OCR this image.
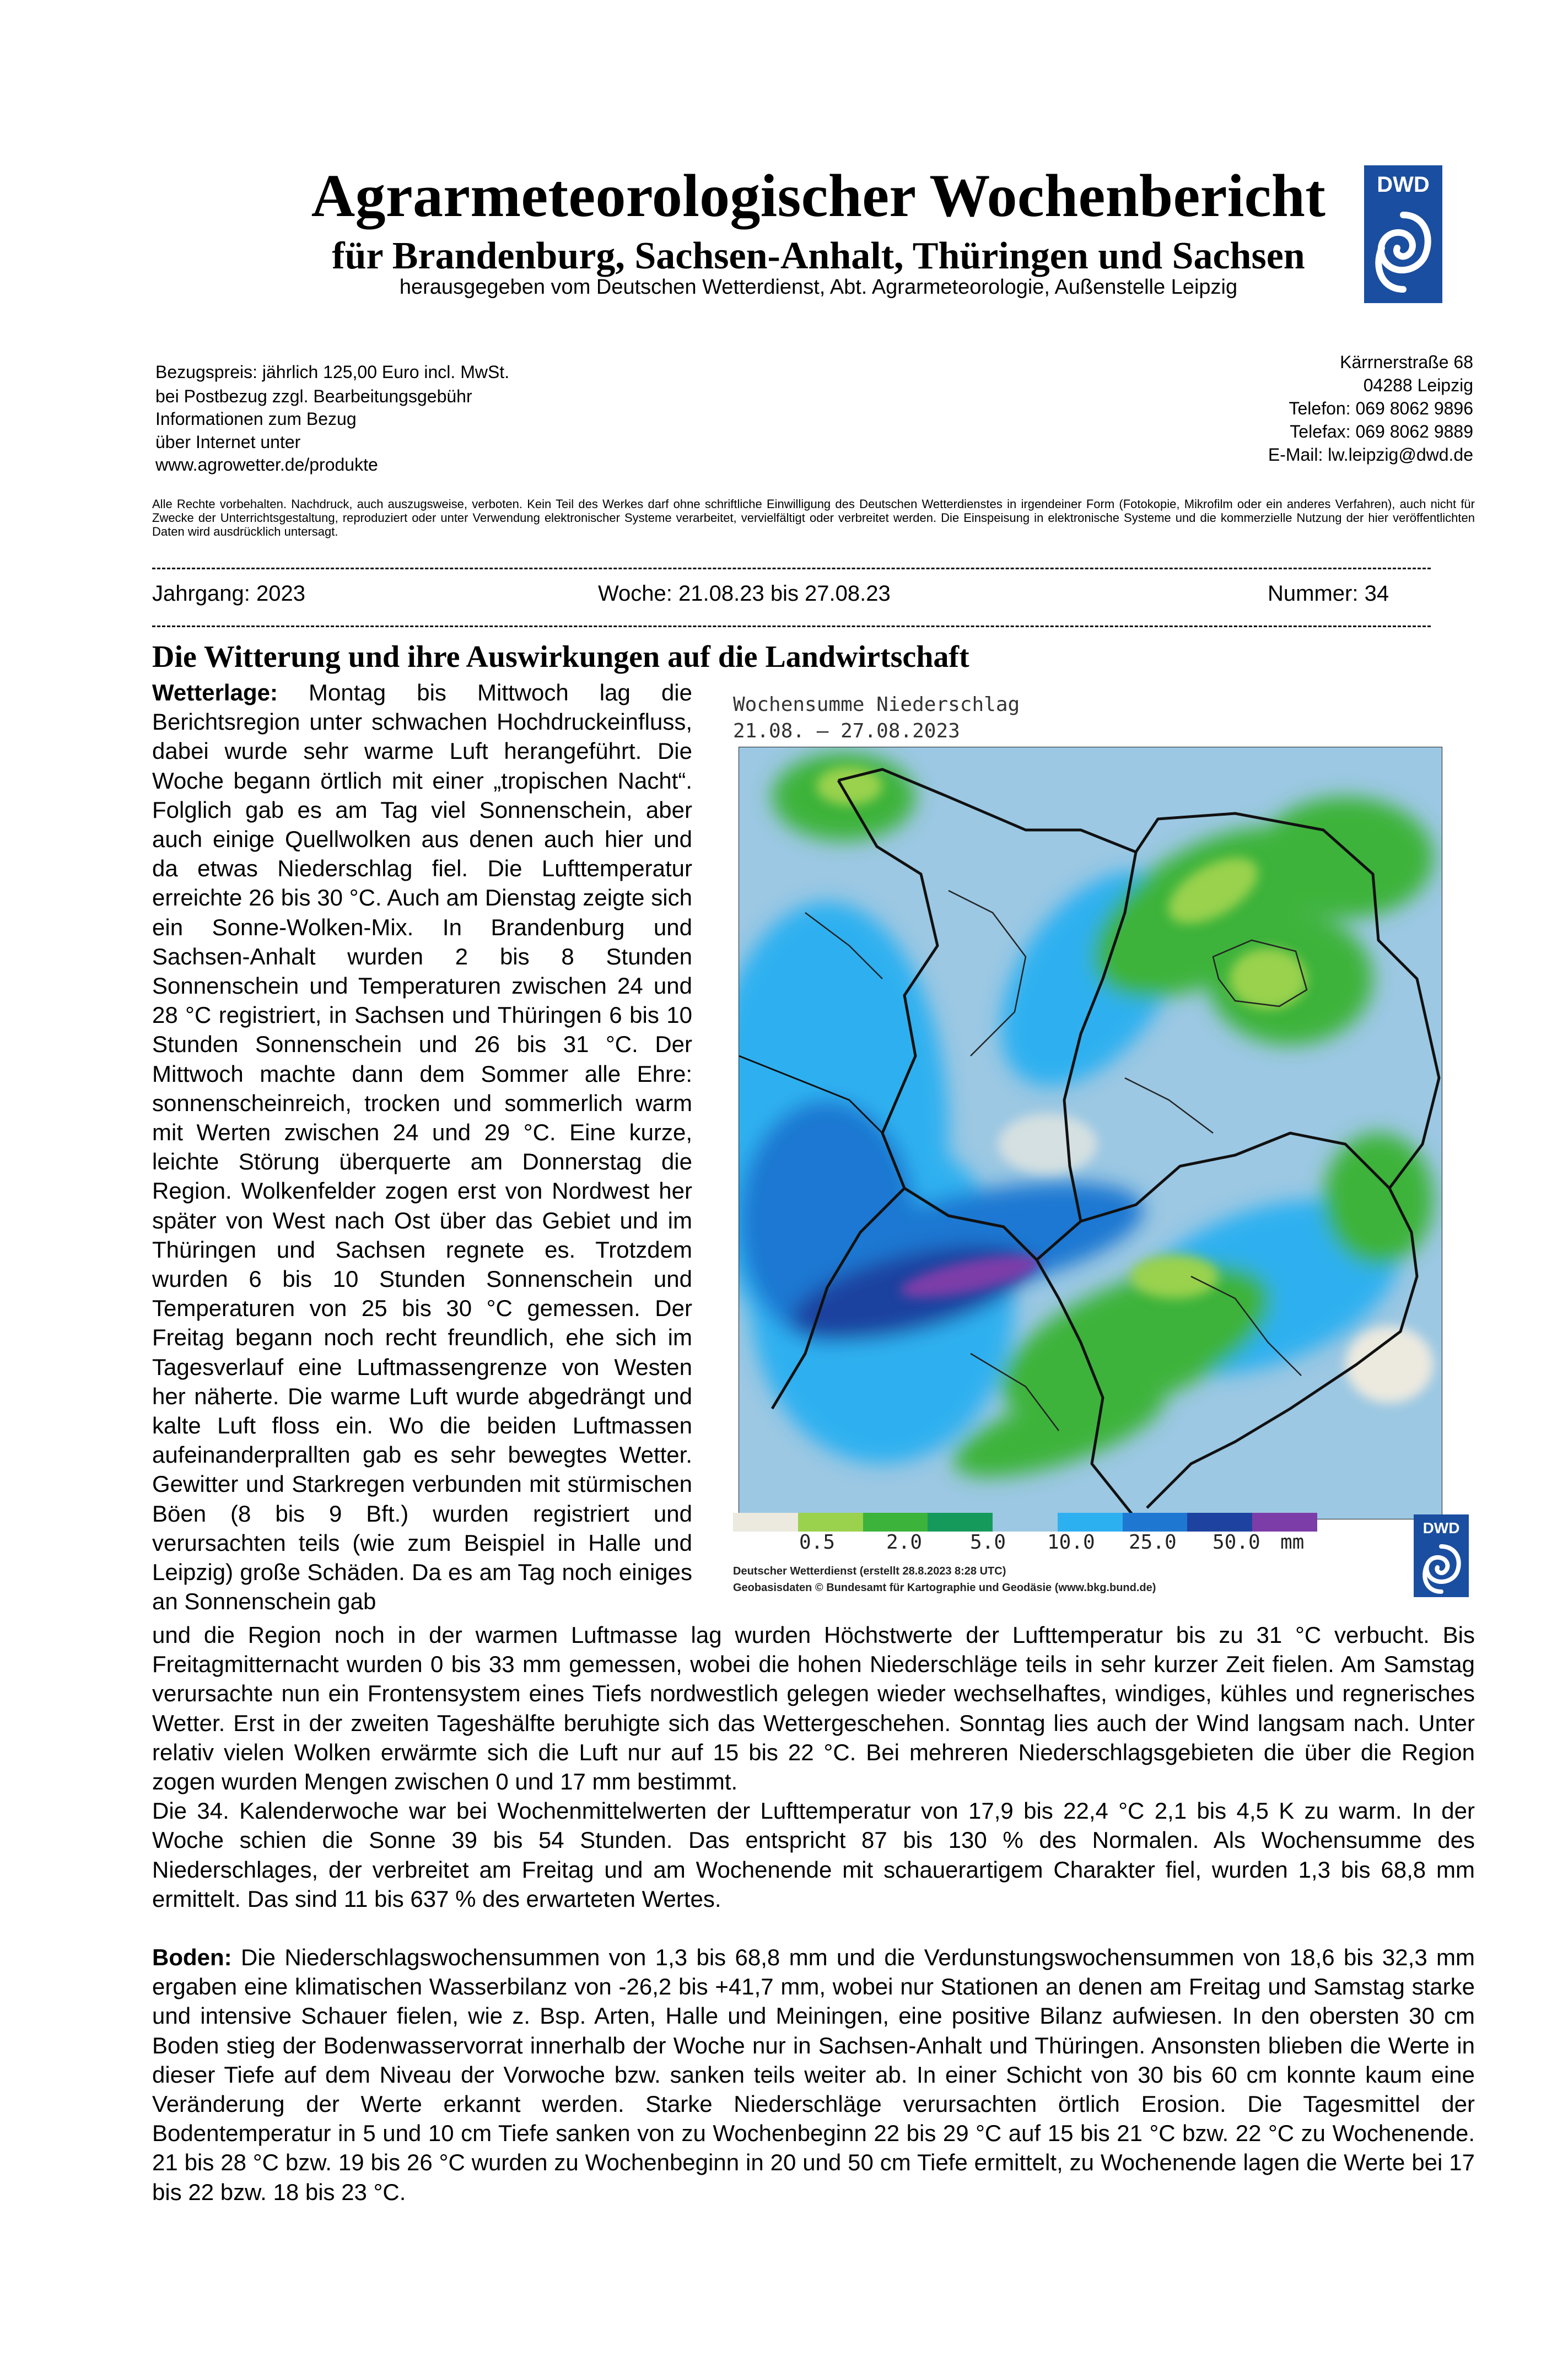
Agrarmeteorologischer Wochenbericht
für Brandenburg, Sachsen-Anhalt, Thüringen und Sachsen
herausgegeben vom Deutschen Wetterdienst, Abt. Agrarmeteorologie, Außenstelle Leipzig
DWD
Bezugspreis: jährlich 125,00 Euro incl. MwSt.
bei Postbezug zzgl. Bearbeitungsgebühr
Informationen zum Bezug
über Internet unter
www.agrowetter.de/produkte
Kärrnerstraße 68
04288 Leipzig
Telefon: 069 8062 9896
Telefax: 069 8062 9889
E-Mail: lw.leipzig@dwd.de
Alle Rechte vorbehalten. Nachdruck, auch auszugsweise, verboten. Kein Teil des Werkes darf ohne schriftliche Einwilligung des Deutschen Wetterdienstes in irgendeiner Form (Fotokopie, Mikrofilm oder ein anderes Verfahren), auch nicht für Zwecke der Unterrichtsgestaltung, reproduziert oder unter Verwendung elektronischer Systeme verarbeitet, vervielfältigt oder verbreitet werden. Die Einspeisung in elektronische Systeme und die kommerzielle Nutzung der hier veröffentlichten Daten wird ausdrücklich untersagt.
Jahrgang: 2023	Woche: 21.08.23 bis 27.08.23	Nummer: 34
Die Witterung und ihre Auswirkungen auf die Landwirtschaft

Wetterlage: Montag bis Mittwoch lag die Berichtsregion unter schwachen Hochdruckeinfluss, dabei wurde sehr warme Luft herangeführt. Die Woche begann örtlich mit einer „tropischen Nacht“. Folglich gab es am Tag viel Sonnenschein, aber auch einige Quellwolken aus denen auch hier und da etwas Niederschlag fiel. Die Lufttemperatur erreichte 26 bis 30 °C. Auch am Dienstag zeigte sich ein Sonne-Wolken-Mix. In Brandenburg und Sachsen-Anhalt wurden 2 bis 8 Stunden Sonnenschein und Temperaturen zwischen 24 und 28 °C registriert, in Sachsen und Thüringen 6 bis 10 Stunden Sonnenschein und 26 bis 31 °C. Der Mittwoch machte dann dem Sommer alle Ehre: sonnenscheinreich, trocken und sommerlich warm mit Werten zwischen 24 und 29 °C. Eine kurze, leichte Störung überquerte am Donnerstag die Region. Wolkenfelder zogen erst von Nordwest her später von West nach Ost über das Gebiet und im Thüringen und Sachsen regnete es. Trotzdem wurden 6 bis 10 Stunden Sonnenschein und Temperaturen von 25 bis 30 °C gemessen. Der Freitag begann noch recht freundlich, ehe sich im Tagesverlauf eine Luftmassengrenze von Westen her näherte. Die warme Luft wurde abgedrängt und kalte Luft floss ein. Wo die beiden Luftmassen aufeinanderprallten gab es sehr bewegtes Wetter. Gewitter und Starkregen verbunden mit stürmischen Böen (8 bis 9 Bft.) wurden registriert und verursachten teils (wie zum Beispiel in Halle und Leipzig) große Schäden. Da es am Tag noch einiges an Sonnenschein gab

und die Region noch in der warmen Luftmasse lag wurden Höchstwerte der Lufttemperatur bis zu 31 °C verbucht. Bis Freitagmitternacht wurden 0 bis 33 mm gemessen, wobei die hohen Niederschläge teils in sehr kurzer Zeit fielen. Am Samstag verursachte nun ein Frontensystem eines Tiefs nordwestlich gelegen wieder wechselhaftes, windiges, kühles und regnerisches Wetter. Erst in der zweiten Tageshälfte beruhigte sich das Wettergeschehen. Sonntag lies auch der Wind langsam nach. Unter relativ vielen Wolken erwärmte sich die Luft nur auf 15 bis 22 °C. Bei mehreren Niederschlagsgebieten die über die Region zogen wurden Mengen zwischen 0 und 17 mm bestimmt.

Die 34. Kalenderwoche war bei Wochenmittelwerten der Lufttemperatur von 17,9 bis 22,4 °C 2,1 bis 4,5 K zu warm. In der Woche schien die Sonne 39 bis 54 Stunden. Das entspricht 87 bis 130 % des Normalen. Als Wochensumme des Niederschlages, der verbreitet am Freitag und am Wochenende mit schauerartigem Charakter fiel, wurden 1,3 bis 68,8 mm ermittelt. Das sind 11 bis 637 % des erwarteten Wertes.

Boden: Die Niederschlagswochensummen von 1,3 bis 68,8 mm und die Verdunstungswochensummen von 18,6 bis 32,3 mm ergaben eine klimatischen Wasserbilanz von -26,2 bis +41,7 mm, wobei nur Stationen an denen am Freitag und Samstag starke und intensive Schauer fielen, wie z. Bsp. Arten, Halle und Meiningen, eine positive Bilanz aufwiesen. In den obersten 30 cm Boden stieg der Bodenwasservorrat innerhalb der Woche nur in Sachsen-Anhalt und Thüringen. Ansonsten blieben die Werte in dieser Tiefe auf dem Niveau der Vorwoche bzw. sanken teils weiter ab. In einer Schicht von 30 bis 60 cm konnte kaum eine Veränderung der Werte erkannt werden. Starke Niederschläge verursachten örtlich Erosion. Die Tagesmittel der Bodentemperatur in 5 und 10 cm Tiefe sanken von zu Wochenbeginn 22 bis 29 °C auf 15 bis 21 °C bzw. 22 °C zu Wochenende. 21 bis 28 °C bzw. 19 bis 26 °C wurden zu Wochenbeginn in 20 und 50 cm Tiefe ermittelt, zu Wochenende lagen die Werte bei 17 bis 22 bzw. 18 bis 23 °C.

Wochensumme Niederschlag
21.08. – 27.08.2023
0.5	2.0 5.0 10.0 25.0 50.0 mm
Deutscher Wetterdienst (erstellt 28.8.2023 8:28 UTC)
Geobasisdaten © Bundesamt für Kartographie und Geodäsie (www.bkg.bund.de)
DWD
